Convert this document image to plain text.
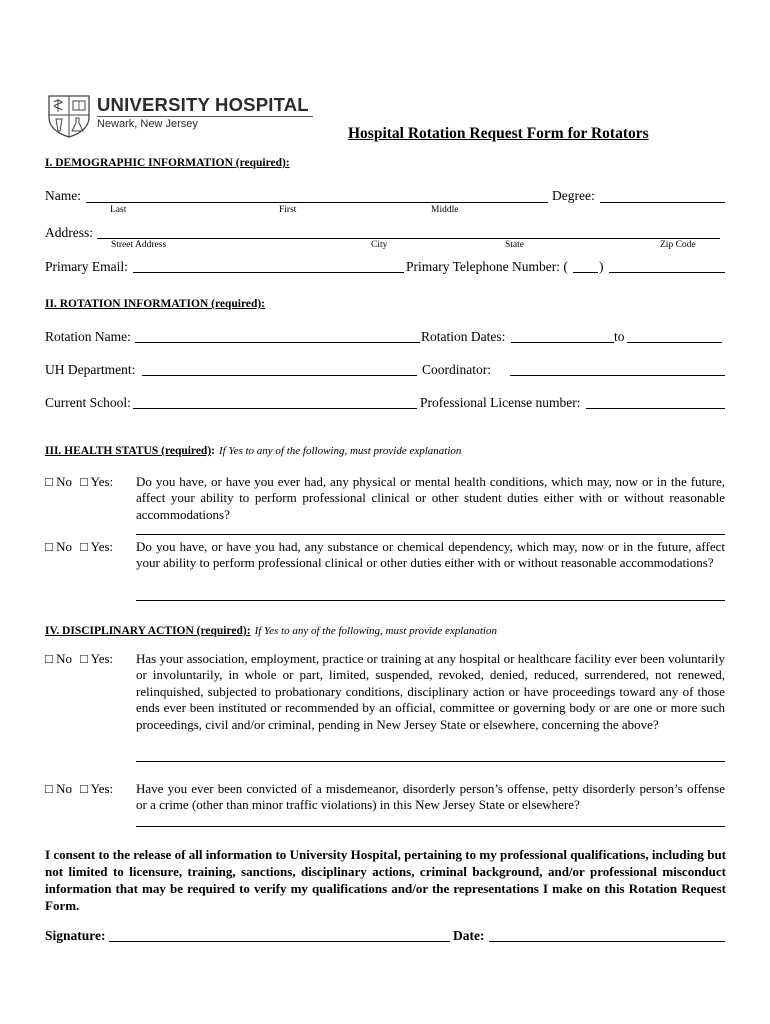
UNIVERSITY HOSPITAL
Newark, New Jersey
Hospital Rotation Request Form for Rotators
I. DEMOGRAPHIC INFORMATION (required):
Name:	Degree:
Last	First	Middle
Address:
Street Address	City	State	Zip Code
Primary Email:	Primary Telephone Number: ( )
II. ROTATION INFORMATION (required):
Rotation Name:	Rotation Dates:	to
UH Department:	Coordinator:
Current School:	Professional License number:
III. HEALTH STATUS (required): If Yes to any of the following, must provide explanation
□ No □ Yes: Do you have, or have you ever had, any physical or mental health conditions, which may, now or in the future, affect your ability to perform professional clinical or other student duties either with or without reasonable accommodations?
□ No □ Yes: Do you have, or have you had, any substance or chemical dependency, which may, now or in the future, affect your ability to perform professional clinical or other duties either with or without reasonable accommodations?
IV. DISCIPLINARY ACTION (required): If Yes to any of the following, must provide explanation
□ No □ Yes: Has your association, employment, practice or training at any hospital or healthcare facility ever been voluntarily or involuntarily, in whole or part, limited, suspended, revoked, denied, reduced, surrendered, not renewed, relinquished, subjected to probationary conditions, disciplinary action or have proceedings toward any of those ends ever been instituted or recommended by an official, committee or governing body or are one or more such proceedings, civil and/or criminal, pending in New Jersey State or elsewhere, concerning the above?
□ No □ Yes: Have you ever been convicted of a misdemeanor, disorderly person’s offense, petty disorderly person’s offense or a crime (other than minor traffic violations) in this New Jersey State or elsewhere?
I consent to the release of all information to University Hospital, pertaining to my professional qualifications, including but not limited to licensure, training, sanctions, disciplinary actions, criminal background, and/or professional misconduct information that may be required to verify my qualifications and/or the representations I make on this Rotation Request Form.
Signature:	Date:
